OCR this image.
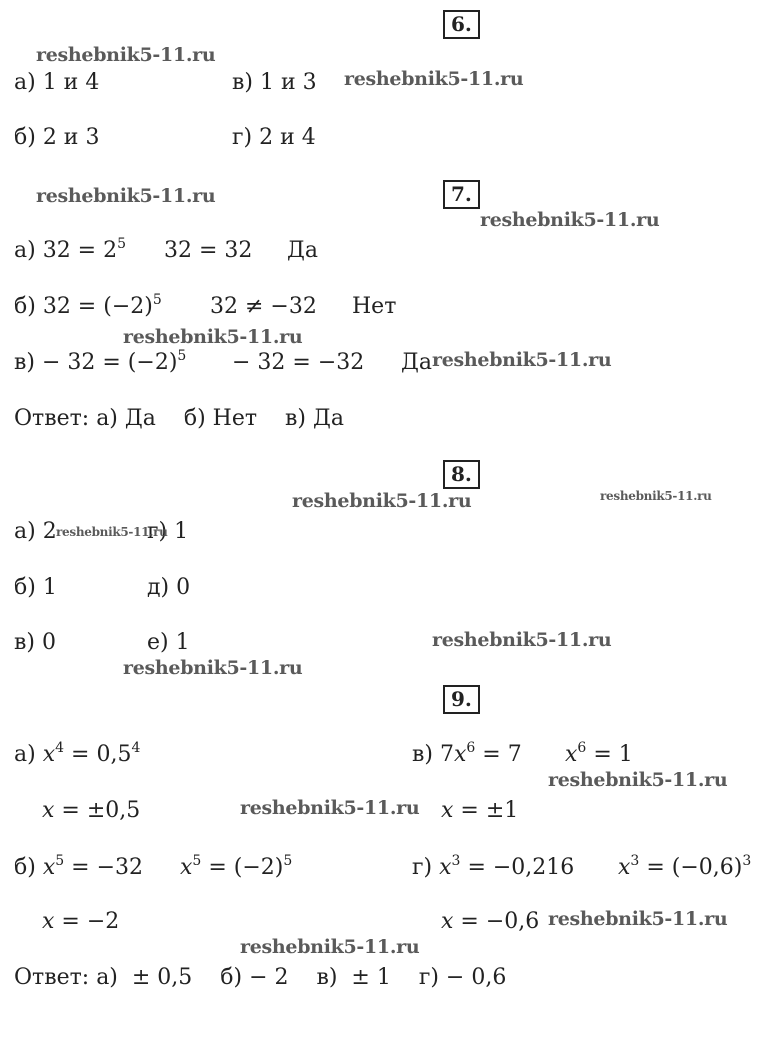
6.
а) 1 и 4	в) 1 и 3
б) 2 и 3	г) 2 и 4
7.
а) $32 = 2^5$ 32 = 32 Да
б) $32 = (-2)^5$ 32 ≠ −32 Нет
$в) - 32 = (-2)^5 - 32 = -32$ Да
Ответ: а) Да    б) Нет    в) Да
8.
а) 2	г) 1
б) 1	д) 0
в) 0	е) 1
9.
а) $x^4 = 0,5^4$
x = ±0,5
в) $7x^6 = 7$ $x^6 = 1$
x = ±1
б) $x^5 = -32$ $x^5 = (-2)^5$
x = −2
г) $x^3 = -0,216$ $x^3 = (-0,6)^3$
x = −0,6
Ответ: а)  ± 0,5    б) − 2    в)  ± 1    г) − 0,6
reshebnik5-11.ru
reshebnik5-11.ru
reshebnik5-11.ru
reshebnik5-11.ru
reshebnik5-11.ru
reshebnik5-11.ru
reshebnik5-11.ru	reshebnik5-11.ru
reshebnik5-11.ru
reshebnik5-11.ru
reshebnik5-11.ru
reshebnik5-11.ru
reshebnik5-11.ru
reshebnik5-11.ru
reshebnik5-11.ru
